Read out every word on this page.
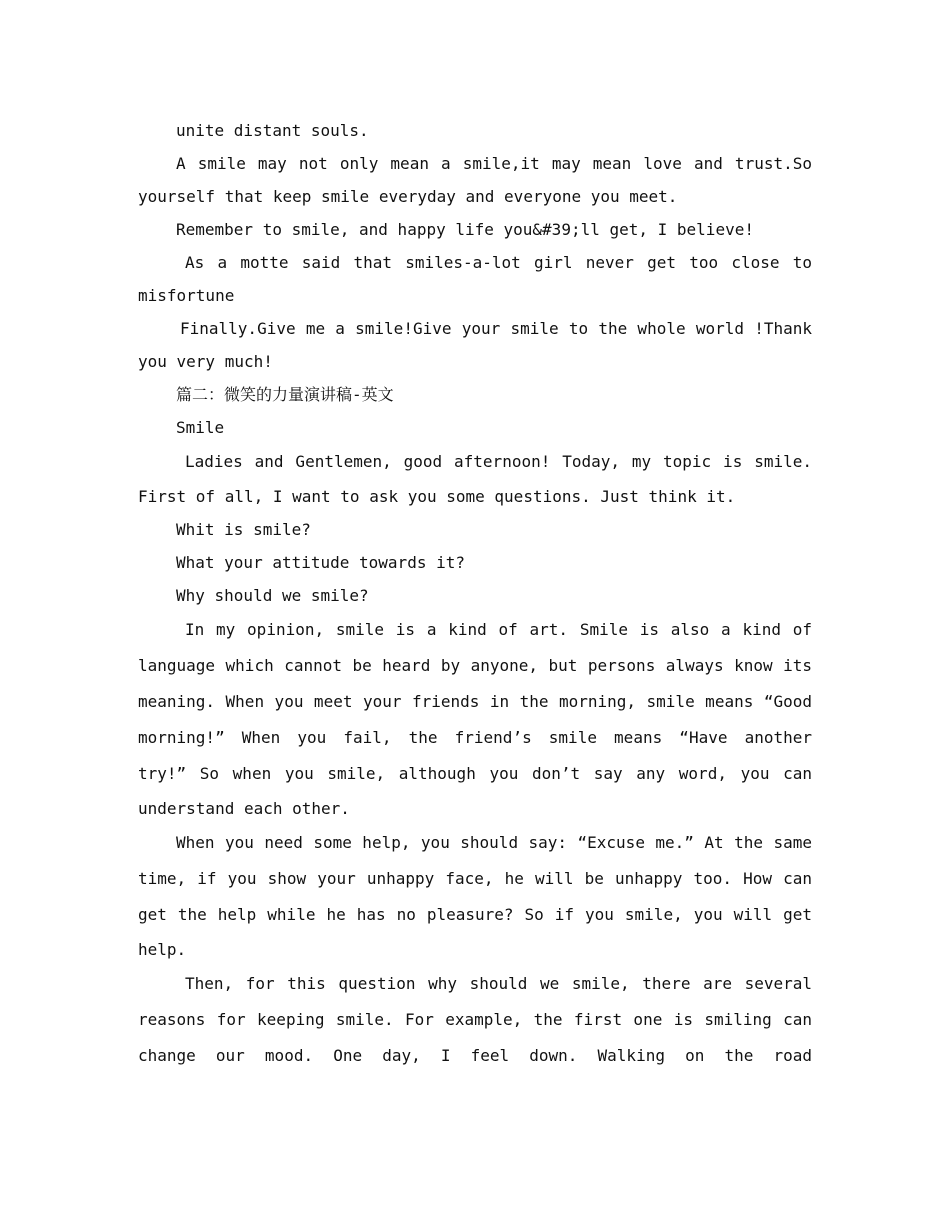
unite distant souls.
A smile may not only mean a smile,it may mean love and trust.So
yourself that keep smile everyday and everyone you meet.
Remember to smile, and happy life you&#39;ll get, I believe!
As a motte said that smiles-a-lot girl never get too close to
misfortune
Finally.Give me a smile!Give your smile to the whole world !Thank
you very much!
篇二：微笑的力量演讲稿-英文
Smile
Ladies and Gentlemen, good afternoon! Today, my topic is smile.
First of all, I want to ask you some questions. Just think it.
Whit is smile?
What your attitude towards it?
Why should we smile?
In my opinion, smile is a kind of art. Smile is also a kind of
language which cannot be heard by anyone, but persons always know its
meaning. When you meet your friends in the morning, smile means “Good
morning!” When you fail, the friend’s smile means “Have another
try!” So when you smile, although you don’t say any word, you can
understand each other.
When you need some help, you should say: “Excuse me.” At the same
time, if you show your unhappy face, he will be unhappy too. How can
get the help while he has no pleasure? So if you smile, you will get
help.
Then, for this question why should we smile, there are several
reasons for keeping smile. For example, the first one is smiling can
change our mood. One day, I feel down. Walking on the road
